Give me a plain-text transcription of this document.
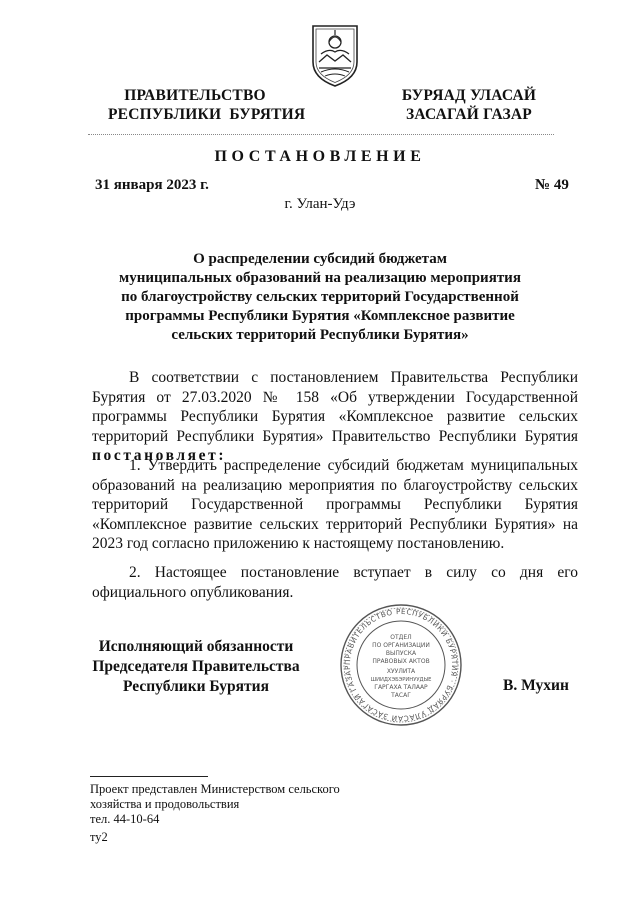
ПРАВИТЕЛЬСТВО
РЕСПУБЛИКИ  БУРЯТИЯ
БУРЯАД УЛАСАЙ
ЗАСАГАЙ ГАЗАР
ПОСТАНОВЛЕНИЕ
31 января 2023 г.	№ 49
г. Улан-Удэ
О распределении субсидий бюджетам
муниципальных образований на реализацию мероприятия
по благоустройству сельских территорий Государственной
программы Республики Бурятия «Комплексное развитие
сельских территорий Республики Бурятия»

В соответствии с постановлением Правительства Республики Бурятия от 27.03.2020 № 158 «Об утверждении Государственной программы Республики Бурятия «Комплексное развитие сельских территорий Республики Бурятия» Правительство Республики Бурятия постановляет:

1. Утвердить распределение субсидий бюджетам муниципальных образований на реализацию мероприятия по благоустройству сельских территорий Государственной программы Республики Бурятия «Комплексное развитие сельских территорий Республики Бурятия» на 2023 год согласно приложению к настоящему постановлению.

2. Настоящее постановление вступает в силу со дня его официального опубликования.

Исполняющий обязанности
Председателя Правительства
Республики Бурятия
ПРАВИТЕЛЬСТВО РЕСПУБЛИКИ БУРЯТИЯ · БУРЯАД УЛАСАЙ ЗАСАГАЙ ГАЗАР
ОТДЕЛ
ПО ОРГАНИЗАЦИИ
ВЫПУСКА
ПРАВОВЫХ АКТОВ
ХУУЛИТА
ШИИДХЭБЭРИНУУДЫЕ
ГАРГАХА ТАЛААР
ТАСАГ
В. Мухин
Проект представлен Министерством сельского
хозяйства и продовольствия
тел. 44-10-64
ту2
